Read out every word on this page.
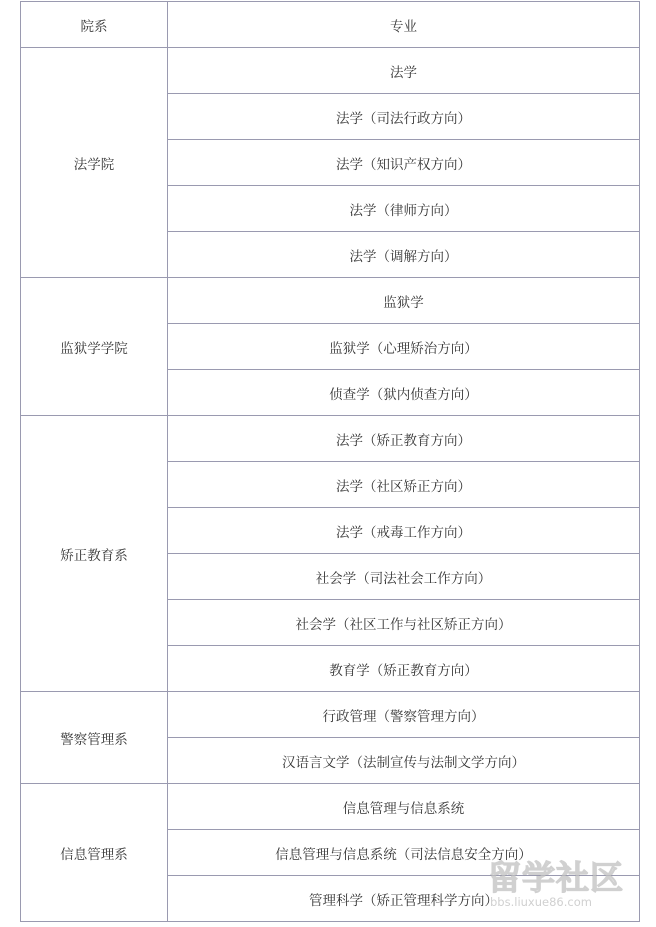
院系	专业
法学院	法学
	法学（司法行政方向）
	法学（知识产权方向）
	法学（律师方向）
	法学（调解方向）
监狱学学院	监狱学
	监狱学（心理矫治方向）
	侦查学（狱内侦查方向）
矫正教育系	法学（矫正教育方向）
	法学（社区矫正方向）
	法学（戒毒工作方向）
	社会学（司法社会工作方向）
	社会学（社区工作与社区矫正方向）
	教育学（矫正教育方向）
警察管理系	行政管理（警察管理方向）
	汉语言文学（法制宣传与法制文学方向）
信息管理系	信息管理与信息系统
	信息管理与信息系统（司法信息安全方向）
	管理科学（矫正管理科学方向）
留学社区
bbs.liuxue86.com
